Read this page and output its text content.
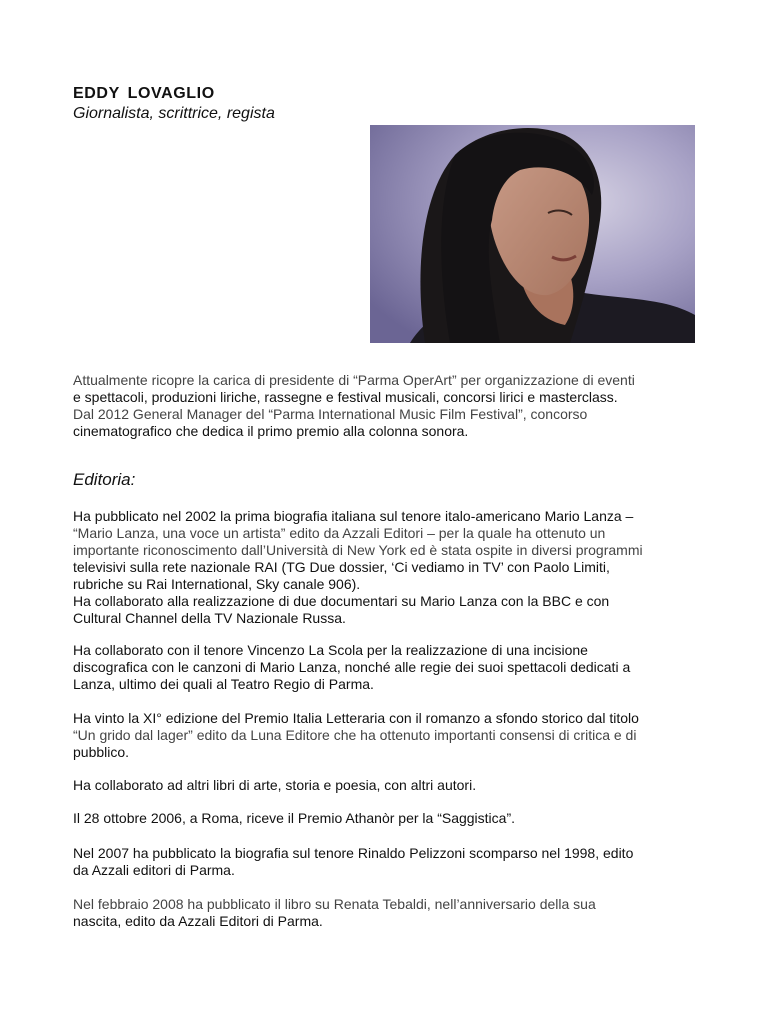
EDDY LOVAGLIO
Giornalista, scrittrice, regista
Attualmente ricopre la carica di presidente di “Parma OperArt” per organizzazione di eventi
e spettacoli, produzioni liriche, rassegne e festival musicali, concorsi lirici e masterclass.
Dal 2012 General Manager del “Parma International Music Film Festival”, concorso
cinematografico che dedica il primo premio alla colonna sonora.
Editoria:
Ha pubblicato nel 2002 la prima biografia italiana sul tenore italo-americano Mario Lanza –
“Mario Lanza, una voce un artista” edito da Azzali Editori – per la quale ha ottenuto un
importante riconoscimento dall’Università di New York ed è stata ospite in diversi programmi
televisivi sulla rete nazionale RAI (TG Due dossier, ‘Ci vediamo in TV’ con Paolo Limiti,
rubriche su Rai International, Sky canale 906).
Ha collaborato alla realizzazione di due documentari su Mario Lanza con la BBC e con
Cultural Channel della TV Nazionale Russa.
Ha collaborato con il tenore Vincenzo La Scola per la realizzazione di una incisione
discografica con le canzoni di Mario Lanza, nonché alle regie dei suoi spettacoli dedicati a
Lanza, ultimo dei quali al Teatro Regio di Parma.
Ha vinto la XI° edizione del Premio Italia Letteraria con il romanzo a sfondo storico dal titolo
“Un grido dal lager” edito da Luna Editore che ha ottenuto importanti consensi di critica e di
pubblico.
Ha collaborato ad altri libri di arte, storia e poesia, con altri autori.
Il 28 ottobre 2006, a Roma, riceve il Premio Athanòr per la “Saggistica”.
Nel 2007 ha pubblicato la biografia sul tenore Rinaldo Pelizzoni scomparso nel 1998, edito
da Azzali editori di Parma.
Nel febbraio 2008 ha pubblicato il libro su Renata Tebaldi, nell’anniversario della sua
nascita, edito da Azzali Editori di Parma.
